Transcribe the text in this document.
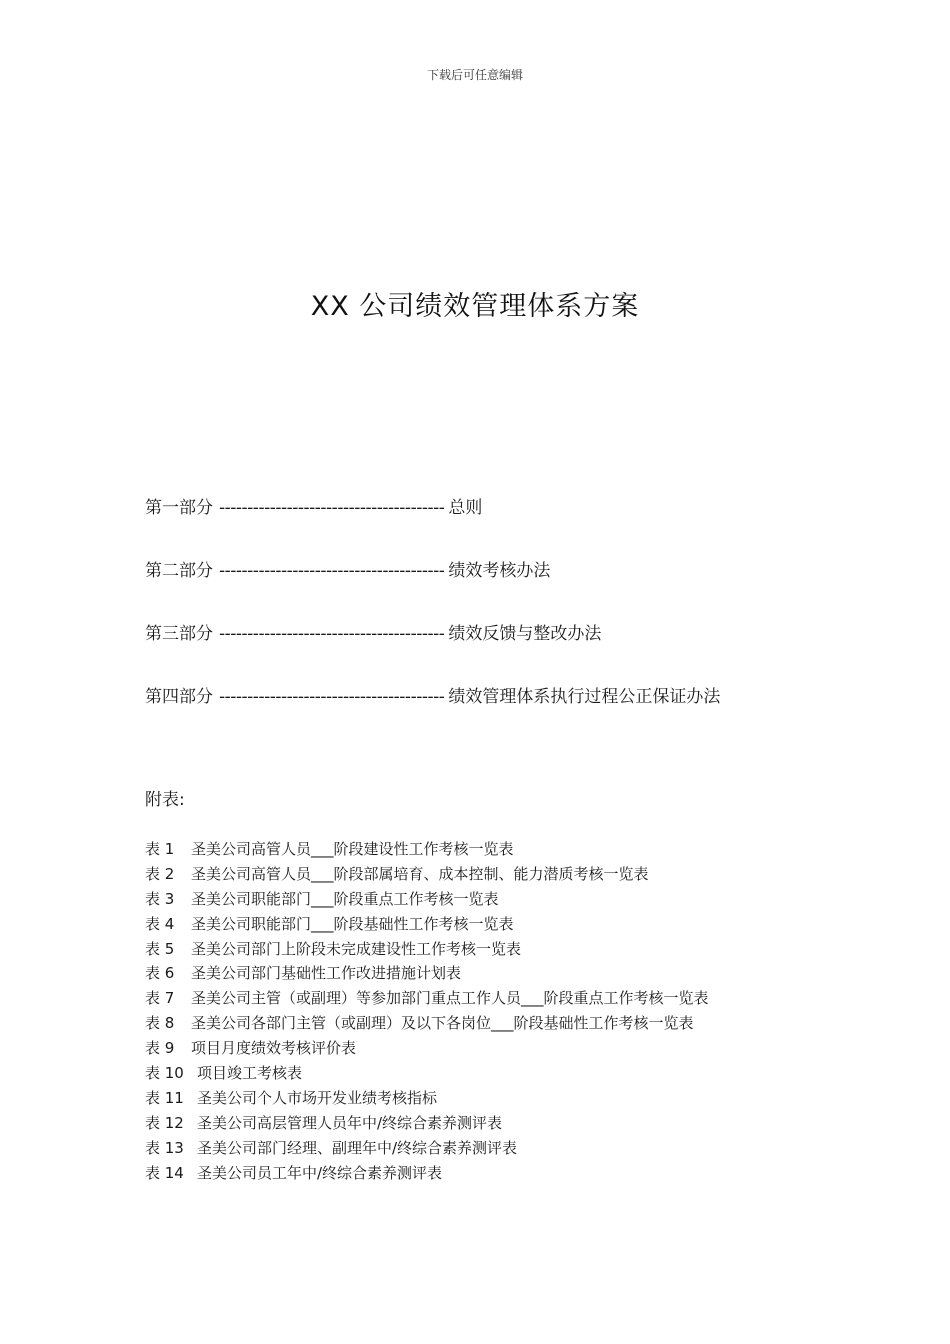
下载后可任意编辑
XX 公司绩效管理体系方案
第一部分 ---------------------------------------- 总则
第二部分 ---------------------------------------- 绩效考核办法
第三部分 ---------------------------------------- 绩效反馈与整改办法
第四部分 ---------------------------------------- 绩效管理体系执行过程公正保证办法
附表:
表 1 圣美公司高管人员___阶段建设性工作考核一览表
表 2 圣美公司高管人员___阶段部属培育、成本控制、能力潜质考核一览表
表 3 圣美公司职能部门___阶段重点工作考核一览表
表 4 圣美公司职能部门___阶段基础性工作考核一览表
表 5 圣美公司部门上阶段未完成建设性工作考核一览表
表 6 圣美公司部门基础性工作改进措施计划表
表 7 圣美公司主管（或副理）等参加部门重点工作人员___阶段重点工作考核一览表
表 8 圣美公司各部门主管（或副理）及以下各岗位___阶段基础性工作考核一览表
表 9 项目月度绩效考核评价表
表 10 项目竣工考核表
表 11 圣美公司个人市场开发业绩考核指标
表 12 圣美公司高层管理人员年中/终综合素养测评表
表 13 圣美公司部门经理、副理年中/终综合素养测评表
表 14 圣美公司员工年中/终综合素养测评表
